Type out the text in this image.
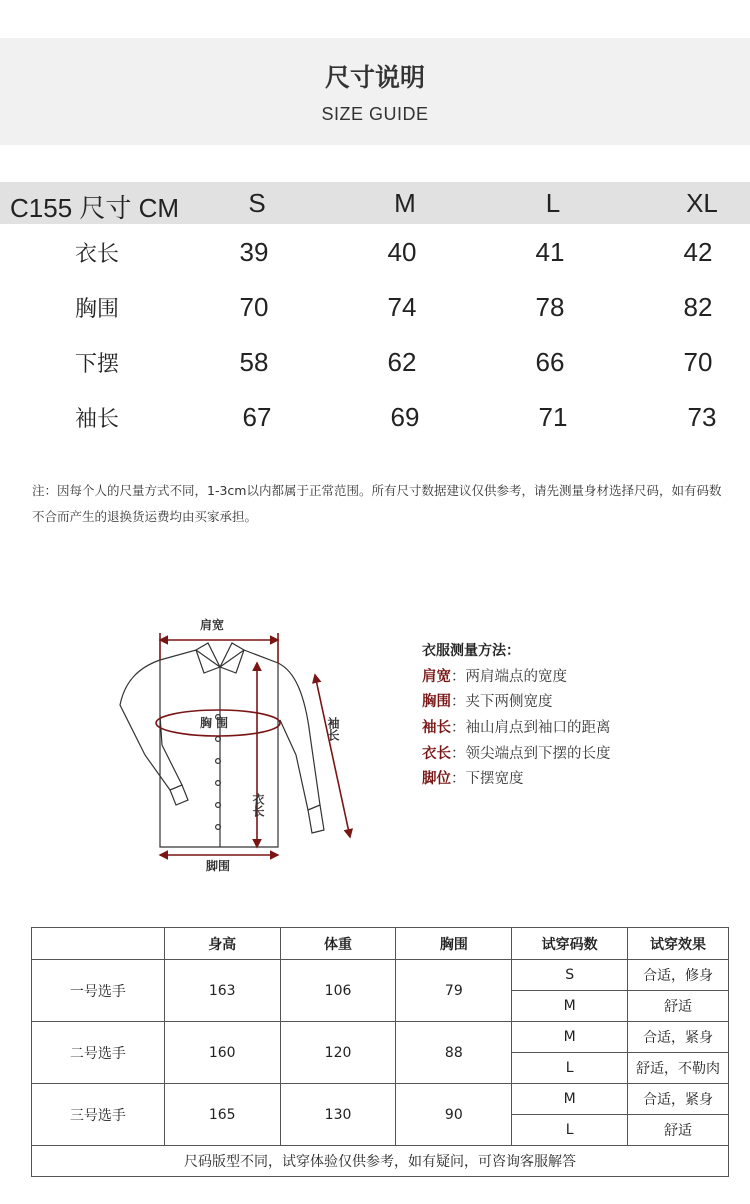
尺寸说明
SIZE GUIDE
C155 尺寸 CM	S	M	L	XL
衣长	39	40	41	42
胸围	70	74	78	82
下摆	58	62	66	70
袖长	67	69	71	73
注：因每个人的尺量方式不同，1-3cm以内都属于正常范围。所有尺寸数据建议仅供参考，请先测量身材选择尺码，如有码数不合而产生的退换货运费均由买家承担。
肩宽
胸 围
脚围
衣长
袖长
衣服测量方法：
肩宽：两肩端点的宽度
胸围：夹下两侧宽度
袖长：袖山肩点到袖口的距离
衣长：领尖端点到下摆的长度
脚位：下摆宽度
	身高	体重	胸围	试穿码数	试穿效果
一号选手	163	106	79	S	合适，修身
				M	舒适
二号选手	160	120	88	M	合适，紧身
				L	舒适，不勒肉
三号选手	165	130	90	M	合适，紧身
				L	舒适
尺码版型不同，试穿体验仅供参考，如有疑问，可咨询客服解答					
